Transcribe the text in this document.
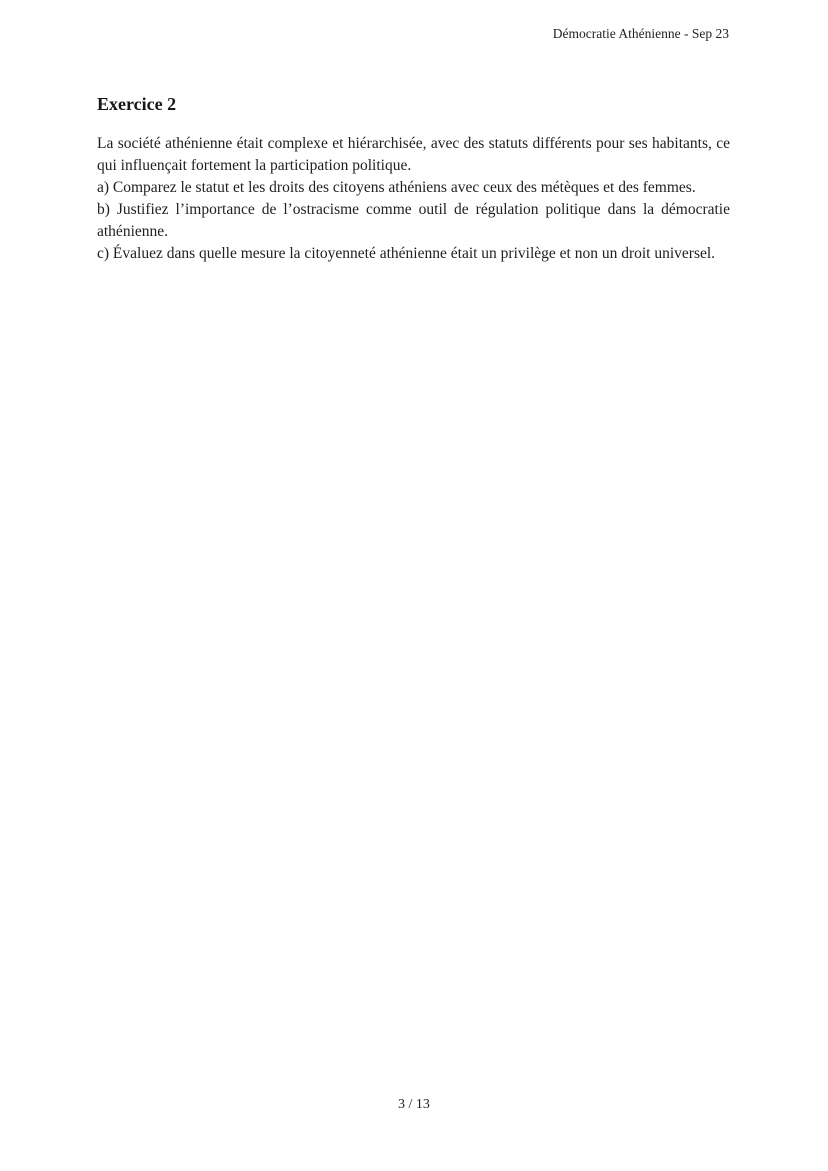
Démocratie Athénienne - Sep 23
Exercice 2

La société athénienne était complexe et hiérarchisée, avec des statuts différents pour ses habitants, ce qui influençait fortement la participation politique.

a) Comparez le statut et les droits des citoyens athéniens avec ceux des métèques et des femmes.

b) Justifiez l’importance de l’ostracisme comme outil de régulation politique dans la démocratie athénienne.

c) Évaluez dans quelle mesure la citoyenneté athénienne était un privilège et non un droit universel.

3 / 13
